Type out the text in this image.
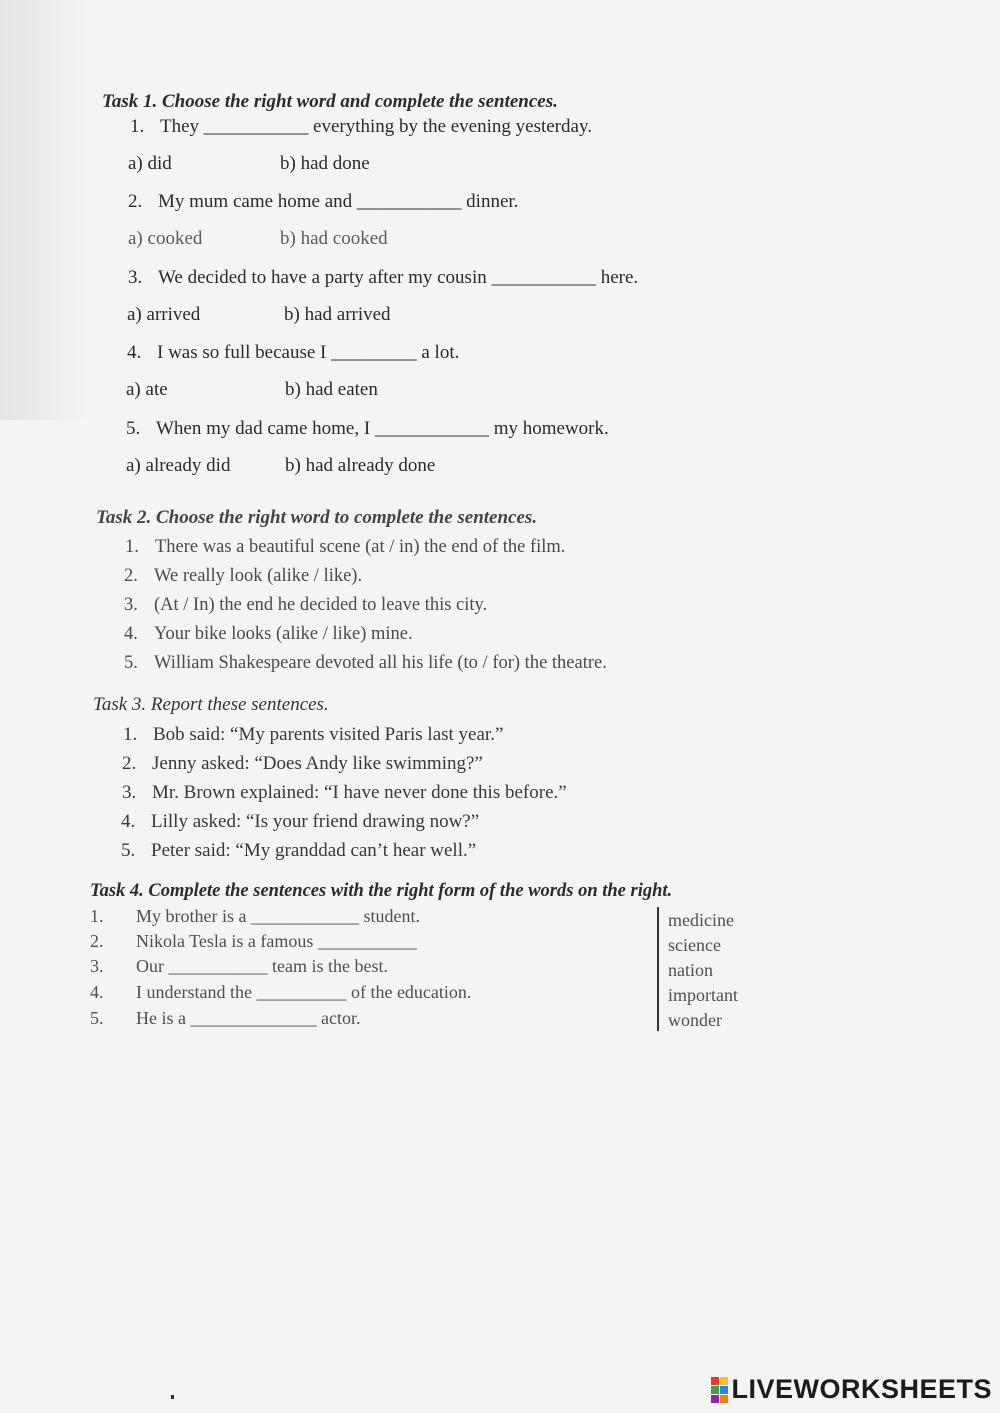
Task 1. Choose the right word and complete the sentences.
1. They ___________ everything by the evening yesterday.
a) did	b) had done
2. My mum came home and ___________ dinner.
a) cooked	b) had cooked
3. We decided to have a party after my cousin ___________ here.
a) arrived	b) had arrived
4. I was so full because I _________ a lot.
a) ate	b) had eaten
5. When my dad came home, I ____________ my homework.
a) already did	b) had already done
Task 2. Choose the right word to complete the sentences.
1. There was a beautiful scene (at / in) the end of the film.
2. We really look (alike / like).
3. (At / In) the end he decided to leave this city.
4. Your bike looks (alike / like) mine.
5. William Shakespeare devoted all his life (to / for) the theatre.
Task 3. Report these sentences.
1. Bob said: “My parents visited Paris last year.”
2. Jenny asked: “Does Andy like swimming?”
3. Mr. Brown explained: “I have never done this before.”
4. Lilly asked: “Is your friend drawing now?”
5. Peter said: “My granddad can’t hear well.”
Task 4. Complete the sentences with the right form of the words on the right.
1. My brother is a ____________ student.
2. Nikola Tesla is a famous ___________
3. Our ___________ team is the best.
4. I understand the __________ of the education.
5. He is a ______________ actor.
medicine
science
nation
important
wonder
LIVEWORKSHEETS
